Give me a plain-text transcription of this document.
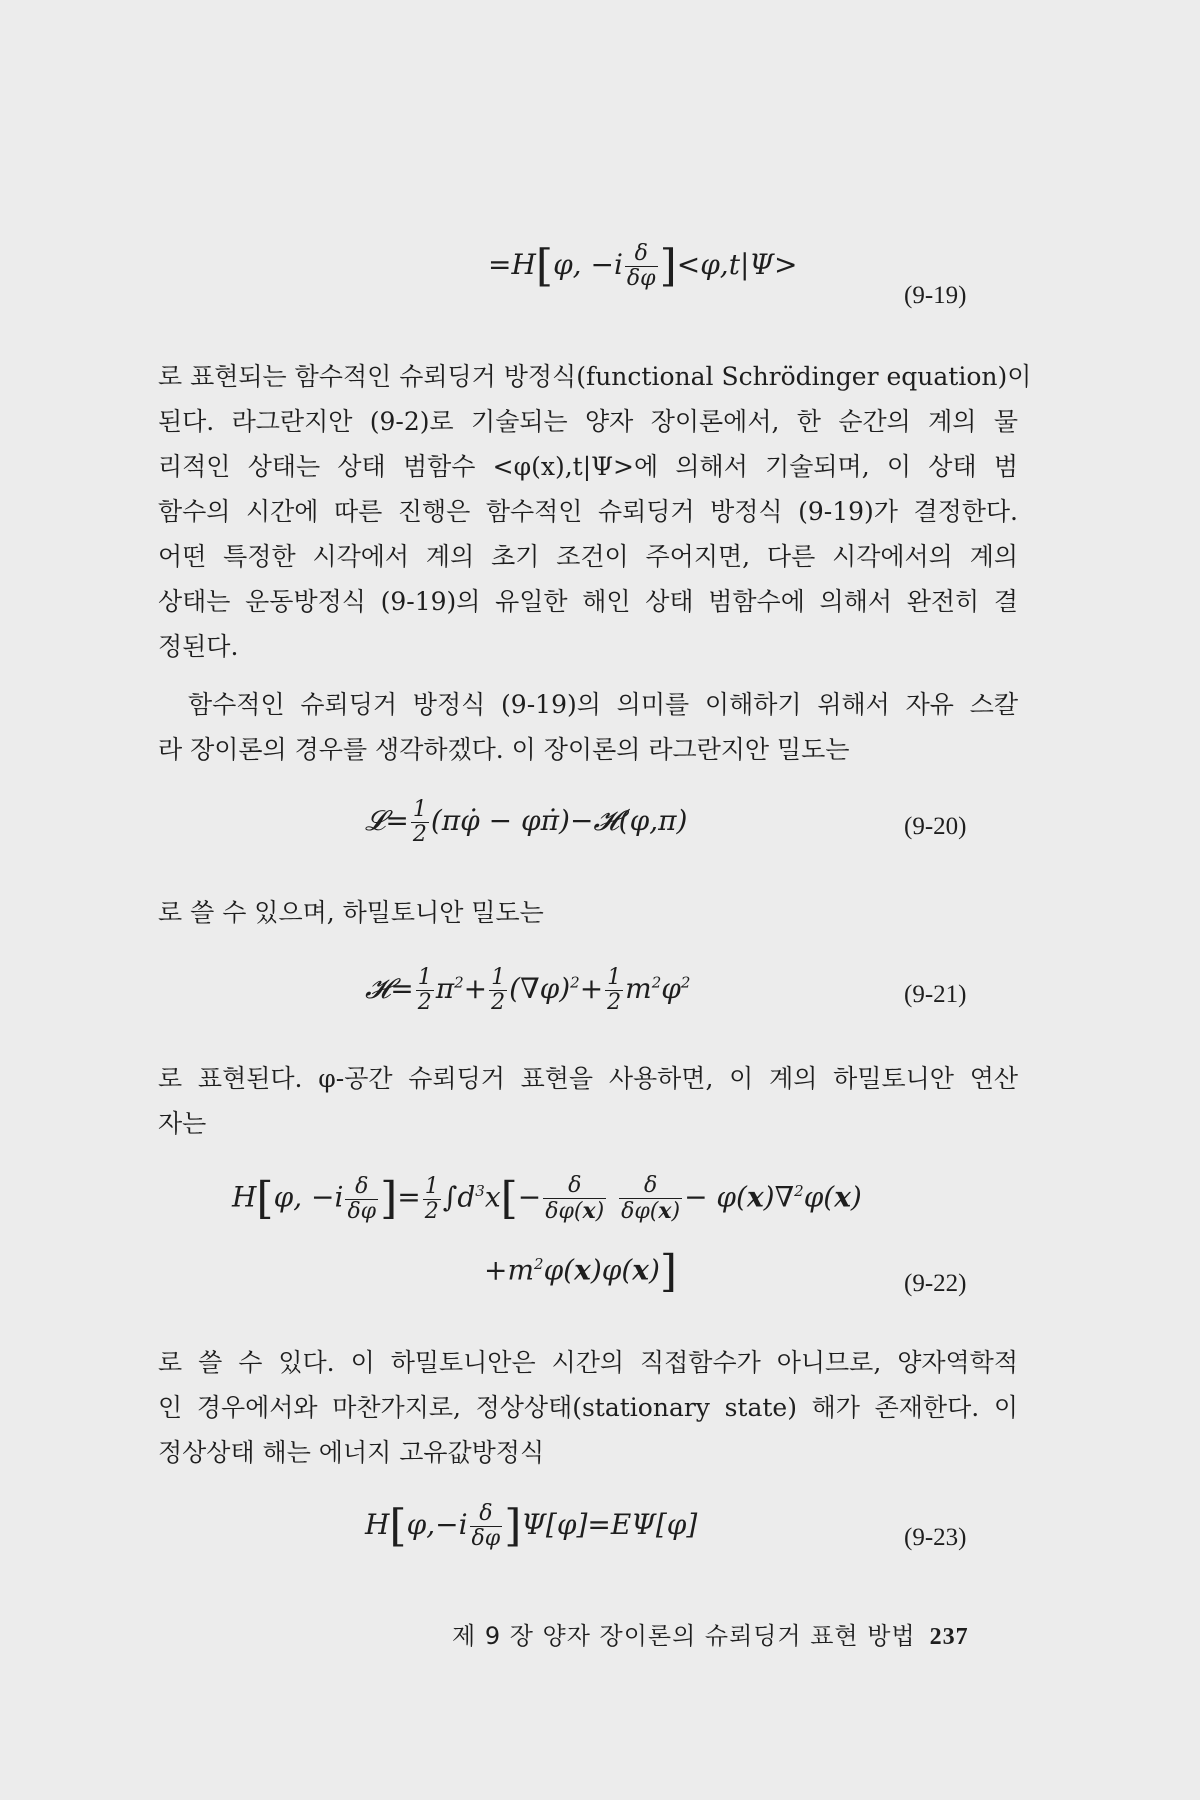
=H[φ, $-i \frac{\delta}{\delta\varphi} ]<\varphi,t|\Psi>$
(9-19)
로 표현되는 함수적인 슈뢰딩거 방정식(functional Schrödinger equation)이
된다. 라그란지안 (9-2)로 기술되는 양자 장이론에서, 한 순간의 계의 물
리적인 상태는 상태 범함수 <φ(x),t|Ψ>에 의해서 기술되며, 이 상태 범
함수의 시간에 따른 진행은 함수적인 슈뢰딩거 방정식 (9-19)가 결정한다.
어떤 특정한 시각에서 계의 초기 조건이 주어지면, 다른 시각에서의 계의
상태는 운동방정식 (9-19)의 유일한 해인 상태 범함수에 의해서 완전히 결
정된다.
함수적인 슈뢰딩거 방정식 (9-19)의 의미를 이해하기 위해서 자유 스칼
라 장이론의 경우를 생각하겠다. 이 장이론의 라그란지안 밀도는
𝓛= $\frac{1}{2}$ (πφ̇ − φπ̇)−𝓗(φ,π)	(9-20)
로 쓸 수 있으며, 하밀토니안 밀도는
𝓗= $\frac{1}{2} \pi^2+ \frac{1}{2} (\nabla\varphi)^2+ \frac{1}{2} m^2\varphi^2$	(9-21)
로 표현된다. φ-공간 슈뢰딩거 표현을 사용하면, 이 계의 하밀토니안 연산
자는
H[φ, $-i \frac{\delta}{\delta\varphi}$ ]= $\frac{1}{2} \int d^3x[- \frac{\delta}{\delta\varphi(x)}$
$\frac{\delta}{\delta\varphi(x)} - \varphi(x)\nabla^2\varphi(x)$
$+m^2\varphi(x)\varphi(x)$]	(9-22)
로 쓸 수 있다. 이 하밀토니안은 시간의 직접함수가 아니므로, 양자역학적
인 경우에서와 마찬가지로, 정상상태(stationary state) 해가 존재한다. 이
정상상태 해는 에너지 고유값방정식
$H[\varphi,-i \frac{\delta}{\delta\varphi} ]\Psi[\varphi]=E\Psi[\varphi]$	(9-23)
제 9 장 양자 장이론의 슈뢰딩거 표현 방법 237
